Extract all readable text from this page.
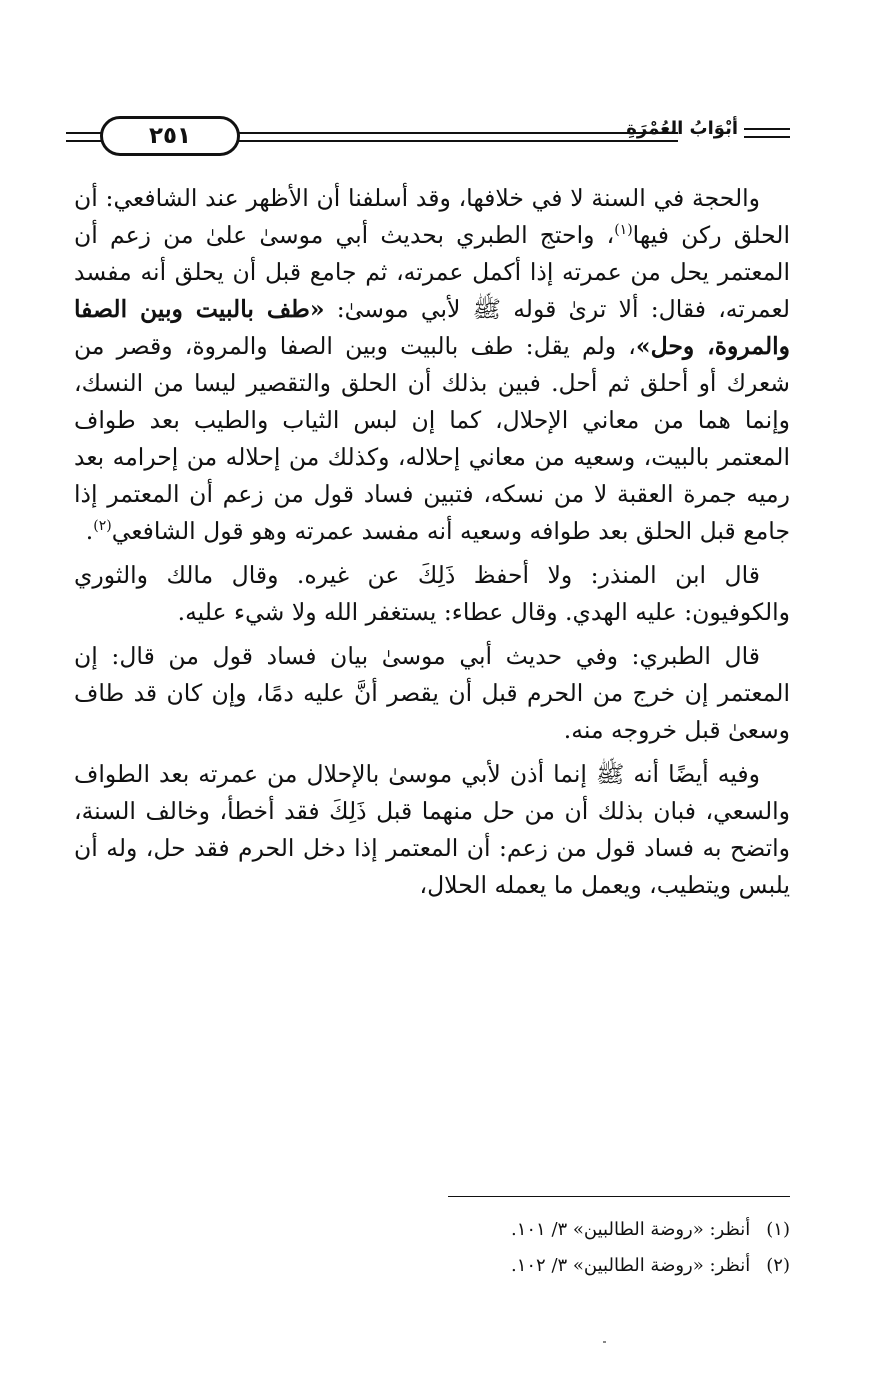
٢٥١	أبْوَابُ العُمْرَةِ

والحجة في السنة لا في خلافها، وقد أسلفنا أن الأظهر عند الشافعي: أن الحلق ركن فيها$^{(١)}$، واحتج الطبري بحديث أبي موسىٰ علىٰ من زعم أن المعتمر يحل من عمرته إذا أكمل عمرته، ثم جامع قبل أن يحلق أنه مفسد لعمرته، فقال: ألا ترىٰ قوله ﷺ لأبي موسىٰ: «طف بالبيت وبين الصفا والمروة، وحل»، ولم يقل: طف بالبيت وبين الصفا والمروة، وقصر من شعرك أو أحلق ثم أحل. فبين بذلك أن الحلق والتقصير ليسا من النسك، وإنما هما من معاني الإحلال، كما إن لبس الثياب والطيب بعد طواف المعتمر بالبيت، وسعيه من معاني إحلاله، وكذلك من إحلاله من إحرامه بعد رميه جمرة العقبة لا من نسكه، فتبين فساد قول من زعم أن المعتمر إذا جامع قبل الحلق بعد طوافه وسعيه أنه مفسد عمرته وهو قول الشافعي$^{(٢)}$.

قال ابن المنذر: ولا أحفظ ذَلِكَ عن غيره. وقال مالك والثوري والكوفيون: عليه الهدي. وقال عطاء: يستغفر الله ولا شيء عليه.

قال الطبري: وفي حديث أبي موسىٰ بيان فساد قول من قال: إن المعتمر إن خرج من الحرم قبل أن يقصر أنَّ عليه دمًا، وإن كان قد طاف وسعىٰ قبل خروجه منه.

وفيه أيضًا أنه ﷺ إنما أذن لأبي موسىٰ بالإحلال من عمرته بعد الطواف والسعي، فبان بذلك أن من حل منهما قبل ذَلِكَ فقد أخطأ، وخالف السنة، واتضح به فساد قول من زعم: أن المعتمر إذا دخل الحرم فقد حل، وله أن يلبس ويتطيب، ويعمل ما يعمله الحلال،

(١) أنظر: «روضة الطالبين» ٣/ ١٠١.
(٢) أنظر: «روضة الطالبين» ٣/ ١٠٢.
